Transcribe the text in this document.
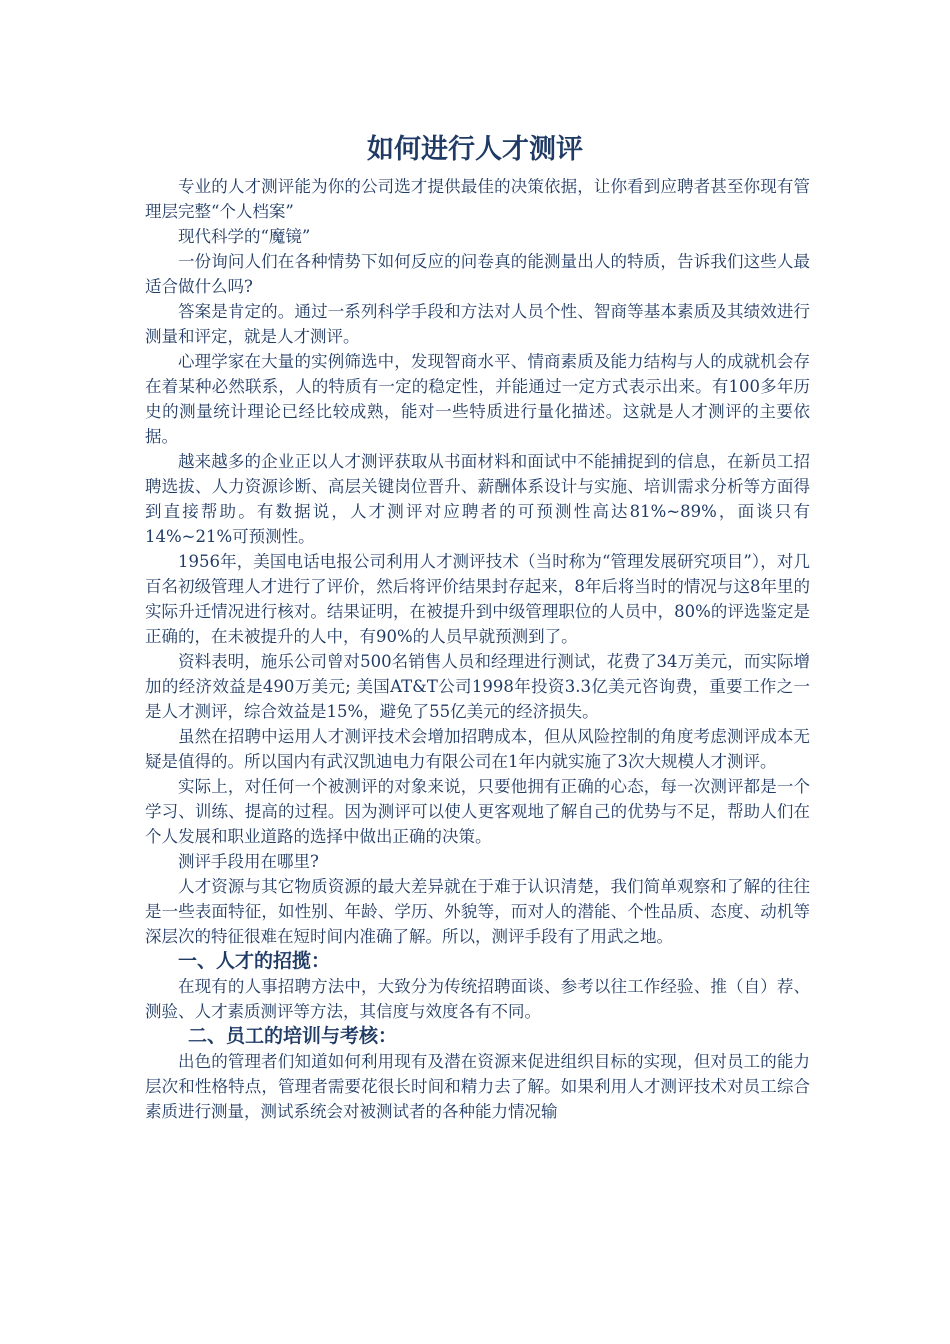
如何进行人才测评

专业的人才测评能为你的公司选才提供最佳的决策依据，让你看到应聘者甚至你现有管理层完整“个人档案”

现代科学的“魔镜”

一份询问人们在各种情势下如何反应的问卷真的能测量出人的特质，告诉我们这些人最适合做什么吗?

答案是肯定的。通过一系列科学手段和方法对人员个性、智商等基本素质及其绩效进行测量和评定，就是人才测评。

心理学家在大量的实例筛选中，发现智商水平、情商素质及能力结构与人的成就机会存在着某种必然联系，人的特质有一定的稳定性，并能通过一定方式表示出来。有100多年历史的测量统计理论已经比较成熟，能对一些特质进行量化描述。这就是人才测评的主要依据。

越来越多的企业正以人才测评获取从书面材料和面试中不能捕捉到的信息，在新员工招聘选拔、人力资源诊断、高层关键岗位晋升、薪酬体系设计与实施、培训需求分析等方面得到直接帮助。有数据说，人才测评对应聘者的可预测性高达81%~89%，面谈只有14%~21%可预测性。

1956年，美国电话电报公司利用人才测评技术（当时称为“管理发展研究项目”），对几百名初级管理人才进行了评价，然后将评价结果封存起来，8年后将当时的情况与这8年里的实际升迁情况进行核对。结果证明，在被提升到中级管理职位的人员中，80%的评选鉴定是正确的，在未被提升的人中，有90%的人员早就预测到了。

资料表明，施乐公司曾对500名销售人员和经理进行测试，花费了34万美元，而实际增加的经济效益是490万美元; 美国AT&T公司1998年投资3.3亿美元咨询费，重要工作之一是人才测评，综合效益是15%，避免了55亿美元的经济损失。

虽然在招聘中运用人才测评技术会增加招聘成本，但从风险控制的角度考虑测评成本无疑是值得的。所以国内有武汉凯迪电力有限公司在1年内就实施了3次大规模人才测评。

实际上，对任何一个被测评的对象来说，只要他拥有正确的心态，每一次测评都是一个学习、训练、提高的过程。因为测评可以使人更客观地了解自己的优势与不足，帮助人们在个人发展和职业道路的选择中做出正确的决策。

测评手段用在哪里?

人才资源与其它物质资源的最大差异就在于难于认识清楚，我们简单观察和了解的往往是一些表面特征，如性别、年龄、学历、外貌等，而对人的潜能、个性品质、态度、动机等深层次的特征很难在短时间内准确了解。所以，测评手段有了用武之地。

一、人才的招揽：

在现有的人事招聘方法中，大致分为传统招聘面谈、参考以往工作经验、推（自）荐、测验、人才素质测评等方法，其信度与效度各有不同。

二、员工的培训与考核：

出色的管理者们知道如何利用现有及潜在资源来促进组织目标的实现，但对员工的能力层次和性格特点，管理者需要花很长时间和精力去了解。如果利用人才测评技术对员工综合素质进行测量，测试系统会对被测试者的各种能力情况输
